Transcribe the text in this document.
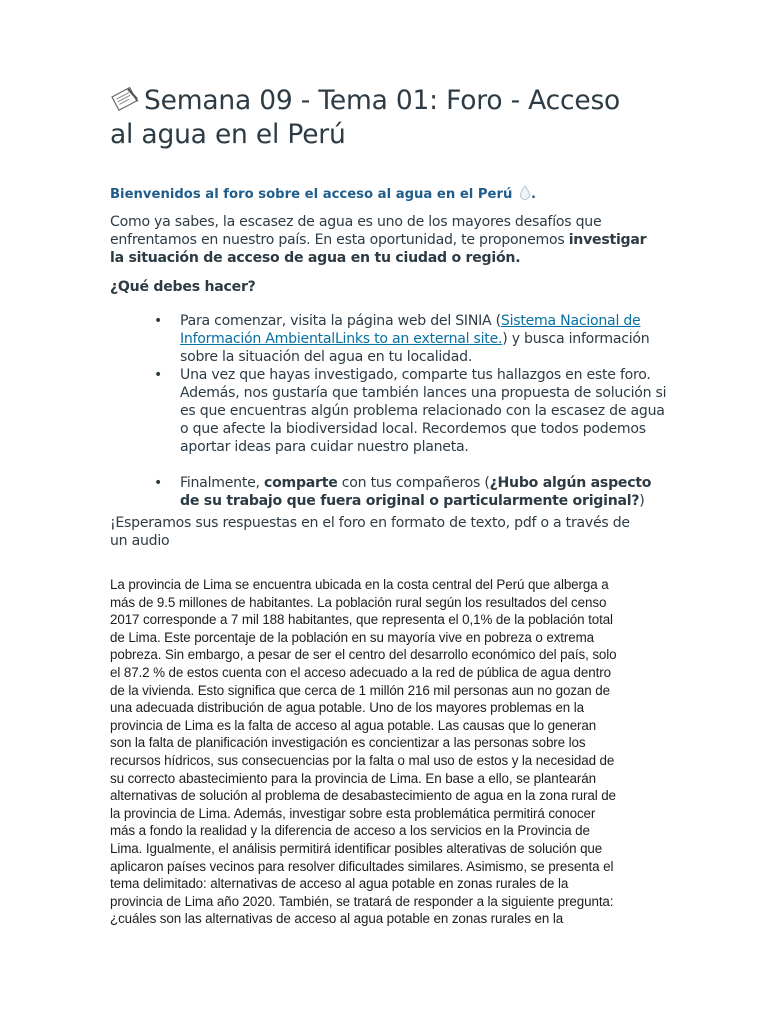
Semana 09 - Tema 01: Foro - Acceso
al agua en el Perú
Bienvenidos al foro sobre el acceso al agua en el Perú .

Como ya sabes, la escasez de agua es uno de los mayores desafíos que enfrentamos en nuestro país. En esta oportunidad, te proponemos investigar la situación de acceso de agua en tu ciudad o región.

¿Qué debes hacer?

• Para comenzar, visita la página web del SINIA (Sistema Nacional de Información AmbientalLinks to an external site.) y busca información sobre la situación del agua en tu localidad.
• Una vez que hayas investigado, comparte tus hallazgos en este foro. Además, nos gustaría que también lances una propuesta de solución si es que encuentras algún problema relacionado con la escasez de agua o que afecte la biodiversidad local. Recordemos que todos podemos aportar ideas para cuidar nuestro planeta.
• Finalmente, comparte con tus compañeros (¿Hubo algún aspecto de su trabajo que fuera original o particularmente original?)

¡Esperamos sus respuestas en el foro en formato de texto, pdf o a través de un audio

La provincia de Lima se encuentra ubicada en la costa central del Perú que alberga a
más de 9.5 millones de habitantes. La población rural según los resultados del censo
2017 corresponde a 7 mil 188 habitantes, que representa el 0,1% de la población total
de Lima. Este porcentaje de la población en su mayoría vive en pobreza o extrema
pobreza. Sin embargo, a pesar de ser el centro del desarrollo económico del país, solo
el 87.2 % de estos cuenta con el acceso adecuado a la red de pública de agua dentro
de la vivienda. Esto significa que cerca de 1 millón 216 mil personas aun no gozan de
una adecuada distribución de agua potable. Uno de los mayores problemas en la
provincia de Lima es la falta de acceso al agua potable. Las causas que lo generan
son la falta de planificación investigación es concientizar a las personas sobre los
recursos hídricos, sus consecuencias por la falta o mal uso de estos y la necesidad de
su correcto abastecimiento para la provincia de Lima. En base a ello, se plantearán
alternativas de solución al problema de desabastecimiento de agua en la zona rural de
la provincia de Lima. Además, investigar sobre esta problemática permitirá conocer
más a fondo la realidad y la diferencia de acceso a los servicios en la Provincia de
Lima. Igualmente, el análisis permitirá identificar posibles alterativas de solución que
aplicaron países vecinos para resolver dificultades similares. Asimismo, se presenta el
tema delimitado: alternativas de acceso al agua potable en zonas rurales de la
provincia de Lima año 2020. También, se tratará de responder a la siguiente pregunta:
¿cuáles son las alternativas de acceso al agua potable en zonas rurales en la
